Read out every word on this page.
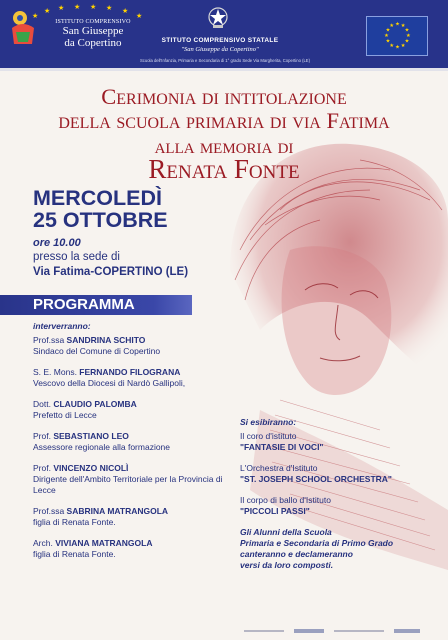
★
★ ★ ★ ★ ★ ★
★
ISTITUTO COMPRENSIVO
San Giuseppe
da Copertino	STITUTO COMPRENSIVO STATALE
"San Giuseppe da Copertino"
Scuola dell'Infanzia, Primaria e Secondaria di 1° grado Sede Via Margherita, Copertino (LE)
★ ★
★
★
★
★
★
★
★
★
★
★
Cerimonia di intitolazione
della scuola primaria di via Fatima
alla memoria di
Renata Fonte
MERCOLEDÌ
25 OTTOBRE
ore 10.00
presso la sede di
Via Fatima-COPERTINO (LE)
PROGRAMMA
interverranno:
Prof.ssa SANDRINA SCHITO
Sindaco del Comune di Copertino
S. E. Mons. FERNANDO FILOGRANA
Vescovo della Diocesi di Nardò Gallipoli,
Dott. CLAUDIO PALOMBA
Prefetto di Lecce
Prof. SEBASTIANO LEO
Assessore regionale alla formazione
Prof. VINCENZO NICOLÌ
Dirigente dell'Ambito Territoriale per la Provincia di Lecce
Prof.ssa SABRINA MATRANGOLA
figlia di Renata Fonte.
Arch. VIVIANA MATRANGOLA
figlia di Renata Fonte.
Si esibiranno:
Il coro d'istituto
"FANTASIE DI VOCI"
L'Orchestra d'Istituto
"ST. JOSEPH SCHOOL ORCHESTRA"
Il corpo di ballo d'Istituto
"PICCOLI PASSI"
Gli Alunni della Scuola
Primaria e Secondaria di Primo Grado
canteranno e declameranno
versi da loro composti.
